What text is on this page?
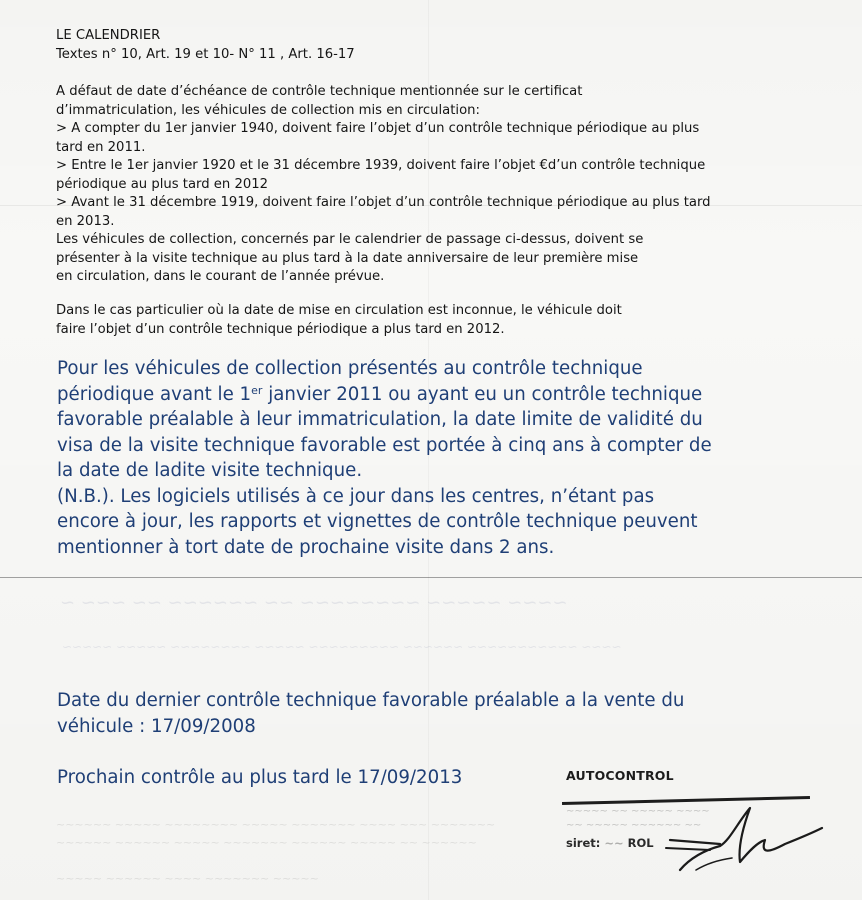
LE CALENDRIER
Textes n° 10, Art. 19 et 10- N° 11 , Art. 16-17
A défaut de date d’échéance de contrôle technique mentionnée sur le certificat
d’immatriculation, les véhicules de collection mis en circulation:
> A compter du 1er janvier 1940, doivent faire l’objet d’un contrôle technique périodique au plus
tard en 2011.
> Entre le 1er janvier 1920 et le 31 décembre 1939, doivent faire l’objet €d’un contrôle technique
périodique au plus tard en 2012
> Avant le 31 décembre 1919, doivent faire l’objet d’un contrôle technique périodique au plus tard
en 2013.
Les véhicules de collection, concernés par le calendrier de passage ci-dessus, doivent se
présenter à la visite technique au plus tard à la date anniversaire de leur première mise
en circulation, dans le courant de l’année prévue.
Dans le cas particulier où la date de mise en circulation est inconnue, le véhicule doit
faire l’objet d’un contrôle technique périodique a plus tard en 2012.
Pour les véhicules de collection présentés au contrôle technique
périodique avant le 1er janvier 2011 ou ayant eu un contrôle technique
favorable préalable à leur immatriculation, la date limite de validité du
visa de la visite technique favorable est portée à cinq ans à compter de
la date de ladite visite technique.
(N.B.). Les logiciels utilisés à ce jour dans les centres, n’étant pas
encore à jour, les rapports et vignettes de contrôle technique peuvent
mentionner à tort date de prochaine visite dans 2 ans.
~ ~~~ ~~ ~~~~~~ ~~ ~~~~~~~~ ~~~~~ ~~~~
~~~~~ ~~~~~ ~~~~~~~~ ~~~~~ ~~~~~~~~~ ~~~~~~ ~~~~~~~~~~~ ~~~~
Date du dernier contrôle technique favorable préalable a la vente du
véhicule : 17/09/2008
Prochain contrôle au plus tard le 17/09/2013	AUTOCONTROL
~~~~~ ~~ ~~~~~ ~~~~
~~ ~~~~~ ~~~~~~ ~~
siret: ~~ ROL
~~~~~~ ~~~~~ ~~~~~~~~ ~~~~~ ~~~~~~~ ~~~~ ~~~ ~~~~~~~
~~~~~~ ~~~~~~ ~~~~~ ~~~~~~~ ~~~~~~ ~~~~~ ~~ ~~~~~~
~~~~~ ~~~~~~ ~~~~ ~~~~~~~ ~~~~~
